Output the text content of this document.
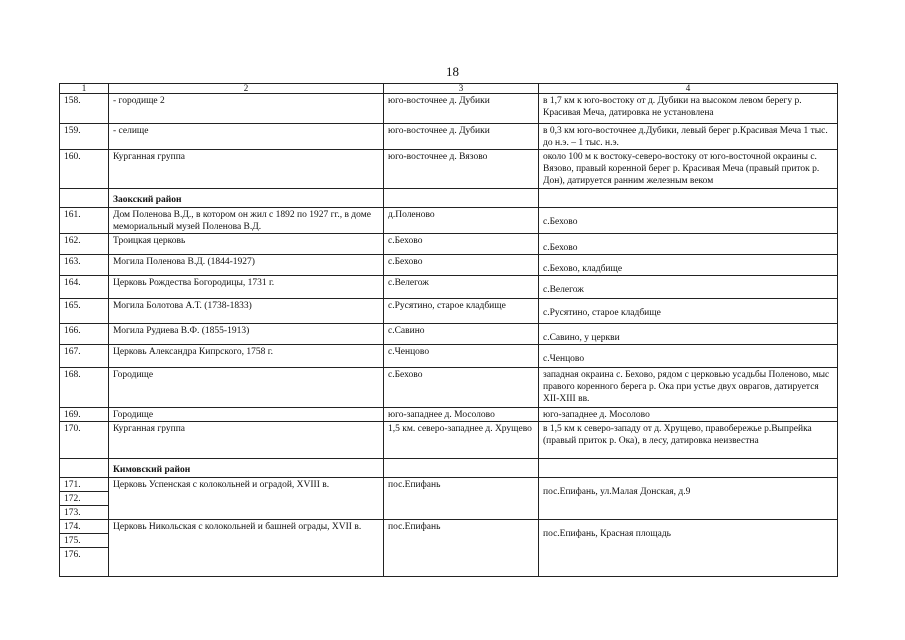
18
1	2	3	4
158.	- городище 2	юго-восточнее д. Дубики	в 1,7 км к юго-востоку от д. Дубики на высоком левом берегу р. Красивая Меча, датировка не установлена

159.	- селище	юго-восточнее д. Дубики	в 0,3 км юго-восточнее д.Дубики, левый берег р.Красивая Меча 1 тыс. до н.э. – 1 тыс. н.э.

160.	Курганная группа	юго-восточнее д. Вязово	около 100 м к востоку-северо-востоку от юго-восточной окраины с. Вязово, правый коренной берег р. Красивая Меча (правый приток р. Дон), датируется ранним железным веком

	Заокский район		
161.	Дом Поленова В.Д., в котором он жил с 1892 по 1927 гг., в доме мемориальный музей Поленова В.Д.	д.Поленово	с.Бехово

162.	Троицкая церковь	с.Бехово	с.Бехово

163.	Могила Поленова В.Д. (1844-1927)	с.Бехово	с.Бехово, кладбище

164.	Церковь Рождества Богородицы, 1731 г.	с.Велегож	с.Велегож

165.	Могила Болотова А.Т. (1738-1833)	с.Русятино, старое кладбище	с.Русятино, старое кладбище

166.	Могила Рудиева В.Ф. (1855-1913)	с.Савино	с.Савино, у церкви

167.	Церковь Александра Кипрского, 1758 г.	с.Ченцово	с.Ченцово

168.	Городище	с.Бехово	западная окраина с. Бехово, рядом с церковью усадьбы Поленово, мыс правого коренного берега р. Ока при устье двух оврагов, датируется XII-XIII вв.

169.	Городище	юго-западнее д. Мосолово	юго-западнее д. Мосолово

170.	Курганная группа	1,5 км. северо-западнее д. Хрущево	в 1,5 км к северо-западу от д. Хрущево, правобережье р.Выпрейка (правый приток р. Ока), в лесу, датировка неизвестна

	Кимовский район		
171.	Церковь Успенская с колокольней и оградой, XVIII в.	пос.Епифань	пос.Епифань, ул.Малая Донская, д.9

172.			
173.			
174.	Церковь Никольская с колокольней и башней ограды, XVII в.	пос.Епифань	пос.Епифань, Красная площадь

175.			
176.			
